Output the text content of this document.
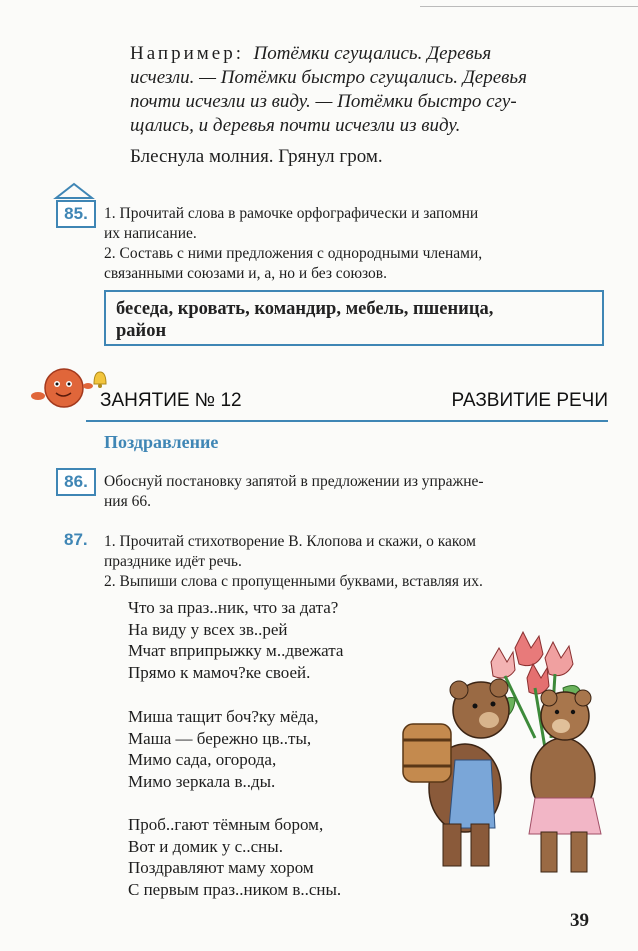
Например: Потёмки сгущались. Деревья
исчезли. — Потёмки быстро сгущались. Деревья
почти исчезли из виду. — Потёмки быстро сгу-
щались, и деревья почти исчезли из виду.
Блеснула молния. Грянул гром.
85.	1. Прочитай слова в рамочке орфографически и запомни
их написание.
2. Составь с ними предложения с однородными членами,
связанными союзами и, а, но и без союзов.
беседа, кровать, командир, мебель, пшеница,
район
ЗАНЯТИЕ № 12	РАЗВИТИЕ РЕЧИ
Поздравление
86.	Обоснуй постановку запятой в предложении из упражне-
ния 66.
87. 1. Прочитай стихотворение В. Клопова и скажи, о каком
празднике идёт речь.
2. Выпиши слова с пропущенными буквами, вставляя их.
Что за праз..ник, что за дата?
На виду у всех зв..рей
Мчат вприпрыжку м..двежата
Прямо к мамоч?ке своей.
Миша тащит боч?ку мёда,
Маша — бережно цв..ты,
Мимо сада, огорода,
Мимо зеркала в..ды.
Проб..гают тёмным бором,
Вот и домик у с..сны.
Поздравляют маму хором
С первым праз..ником в..сны.
39
